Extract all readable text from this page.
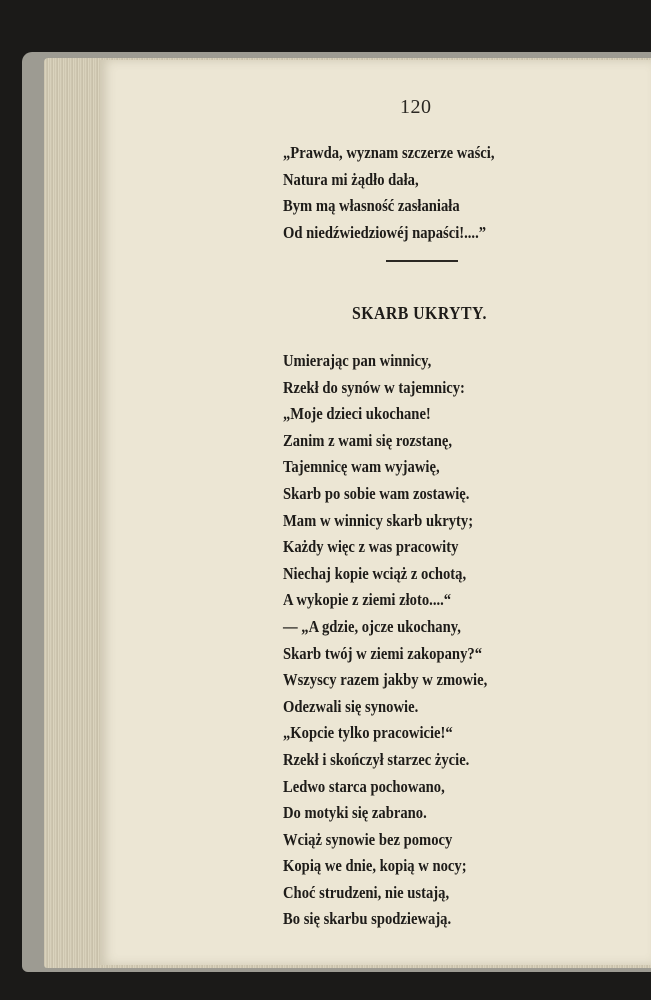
120
„Prawda, wyznam szczerze waści,
Natura mi żądło dała,
Bym mą własność zasłaniała
Od niedźwiedziowéj napaści!....”
SKARB UKRYTY.
Umierając pan winnicy,
Rzekł do synów w tajemnicy:
„Moje dzieci ukochane!
Zanim z wami się rozstanę,
Tajemnicę wam wyjawię,
Skarb po sobie wam zostawię.
Mam w winnicy skarb ukryty;
Każdy więc z was pracowity
Niechaj kopie wciąż z ochotą,
A wykopie z ziemi złoto....“
— „A gdzie, ojcze ukochany,
Skarb twój w ziemi zakopany?“
Wszyscy razem jakby w zmowie,
Odezwali się synowie.
„Kopcie tylko pracowicie!“
Rzekł i skończył starzec życie.
Ledwo starca pochowano,
Do motyki się zabrano.
Wciąż synowie bez pomocy
Kopią we dnie, kopią w nocy;
Choć strudzeni, nie ustają,
Bo się skarbu spodziewają.
